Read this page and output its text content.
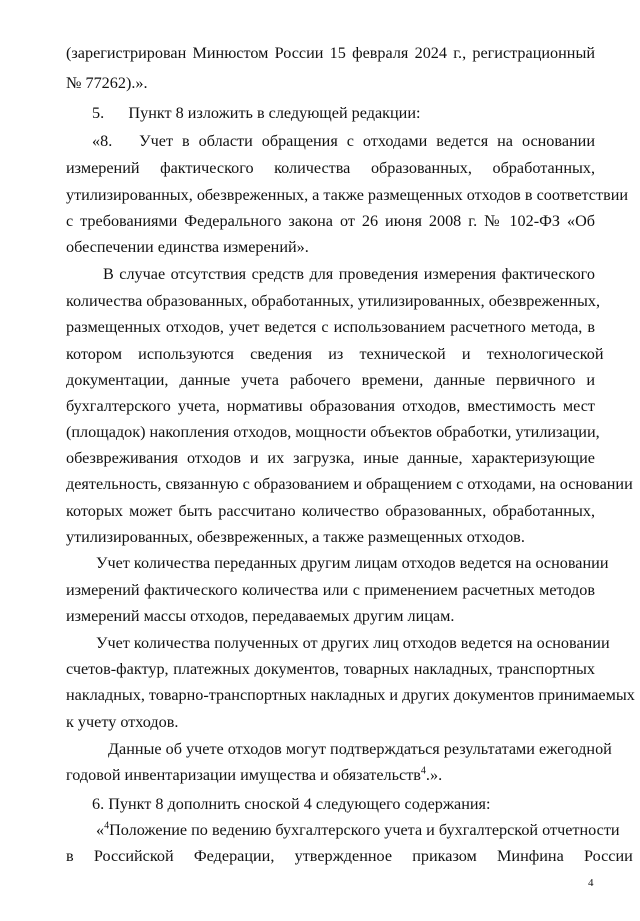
(зарегистрирован Минюстом России 15 февраля 2024 г., регистрационный
№ 77262).».
5.      Пункт 8 изложить в следующей редакции:
«8.   Учет в области обращения с отходами ведется на основании
измерений     фактического     количества     образованных,     обработанных,
утилизированных, обезвреженных, а также размещенных отходов в соответствии
с требованиями Федерального закона от 26 июня 2008 г. № 102-ФЗ «Об
обеспечении единства измерений».
В случае отсутствия средств для проведения измерения фактического
количества образованных, обработанных, утилизированных, обезвреженных,
размещенных отходов, учет ведется с использованием расчетного метода, в
котором    используются    сведения    из    технической    и    технологической
документации,  данные  учета  рабочего  времени,  данные  первичного  и
бухгалтерского учета, нормативы образования отходов, вместимость мест
(площадок) накопления отходов, мощности объектов обработки, утилизации,
обезвреживания отходов и их загрузка, иные данные, характеризующие
деятельность, связанную с образованием и обращением с отходами, на основании
которых может быть рассчитано количество образованных, обработанных,
утилизированных, обезвреженных, а также размещенных отходов.
Учет количества переданных другим лицам отходов ведется на основании
измерений фактического количества или с применением расчетных методов
измерений массы отходов, передаваемых другим лицам.
Учет количества полученных от других лиц отходов ведется на основании
счетов-фактур, платежных документов, товарных накладных, транспортных
накладных, товарно-транспортных накладных и других документов принимаемых
к учету отходов.
Данные об учете отходов могут подтверждаться результатами ежегодной
годовой инвентаризации имущества и обязательств$^4$.».
6. Пункт 8 дополнить сноской 4 следующего содержания:
«$^4$Положение по ведению бухгалтерского учета и бухгалтерской отчетности
в     Российской     Федерации,     утвержденное     приказом     Минфина     России
4
